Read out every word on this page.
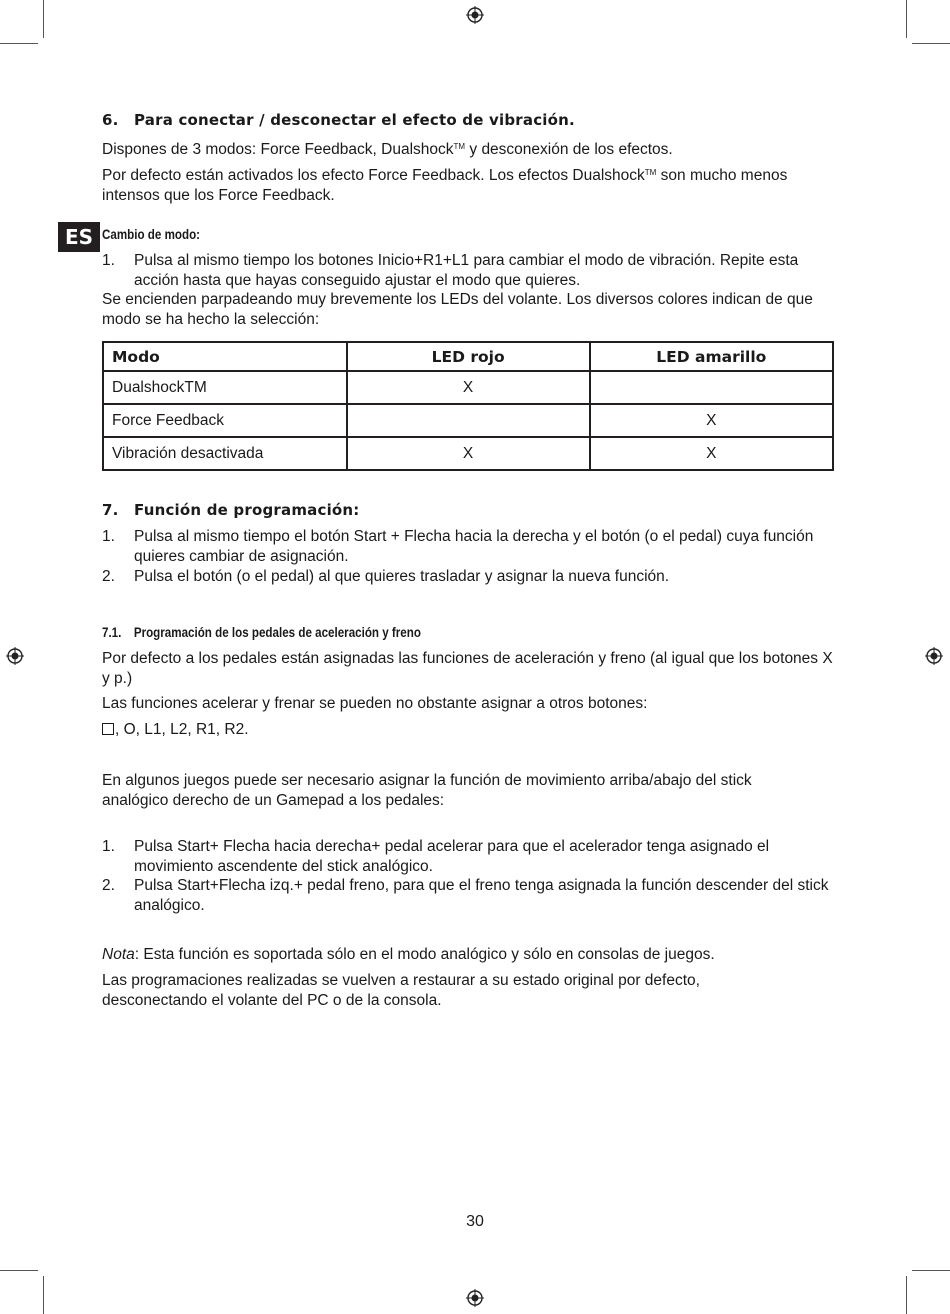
6. Para conectar / desconectar el efecto de vibración.
Dispones de 3 modos: Force Feedback, Dualshock™ y desconexión de los efectos.
Por defecto están activados los efecto Force Feedback. Los efectos Dualshock™ son mucho menos intensos que los Force Feedback.
ES Cambio de modo:
1. Pulsa al mismo tiempo los botones Inicio+R1+L1 para cambiar el modo de vibración. Repite esta acción hasta que hayas conseguido ajustar el modo que quieres.
Se encienden parpadeando muy brevemente los LEDs del volante. Los diversos colores indican de que modo se ha hecho la selección:
Modo	LED rojo	LED amarillo
DualshockTM	X	
Force Feedback		X
Vibración desactivada	X	X
7. Función de programación:
1. Pulsa al mismo tiempo el botón Start + Flecha hacia la derecha y el botón (o el pedal) cuya función quieres cambiar de asignación.
2. Pulsa el botón (o el pedal) al que quieres trasladar y asignar la nueva función.
7.1. Programación de los pedales de aceleración y freno
Por defecto a los pedales están asignadas las funciones de aceleración y freno (al igual que los botones X y p.)
Las funciones acelerar y frenar se pueden no obstante asignar a otros botones:
, O, L1, L2, R1, R2.
En algunos juegos puede ser necesario asignar la función de movimiento arriba/abajo del stick analógico derecho de un Gamepad a los pedales:
1. Pulsa Start+ Flecha hacia derecha+ pedal acelerar para que el acelerador tenga asignado el movimiento ascendente del stick analógico.
2. Pulsa Start+Flecha izq.+ pedal freno, para que el freno tenga asignada la función descender del stick analógico.
Nota: Esta función es soportada sólo en el modo analógico y sólo en consolas de juegos.
Las programaciones realizadas se vuelven a restaurar a su estado original por defecto, desconectando el volante del PC o de la consola.
30
